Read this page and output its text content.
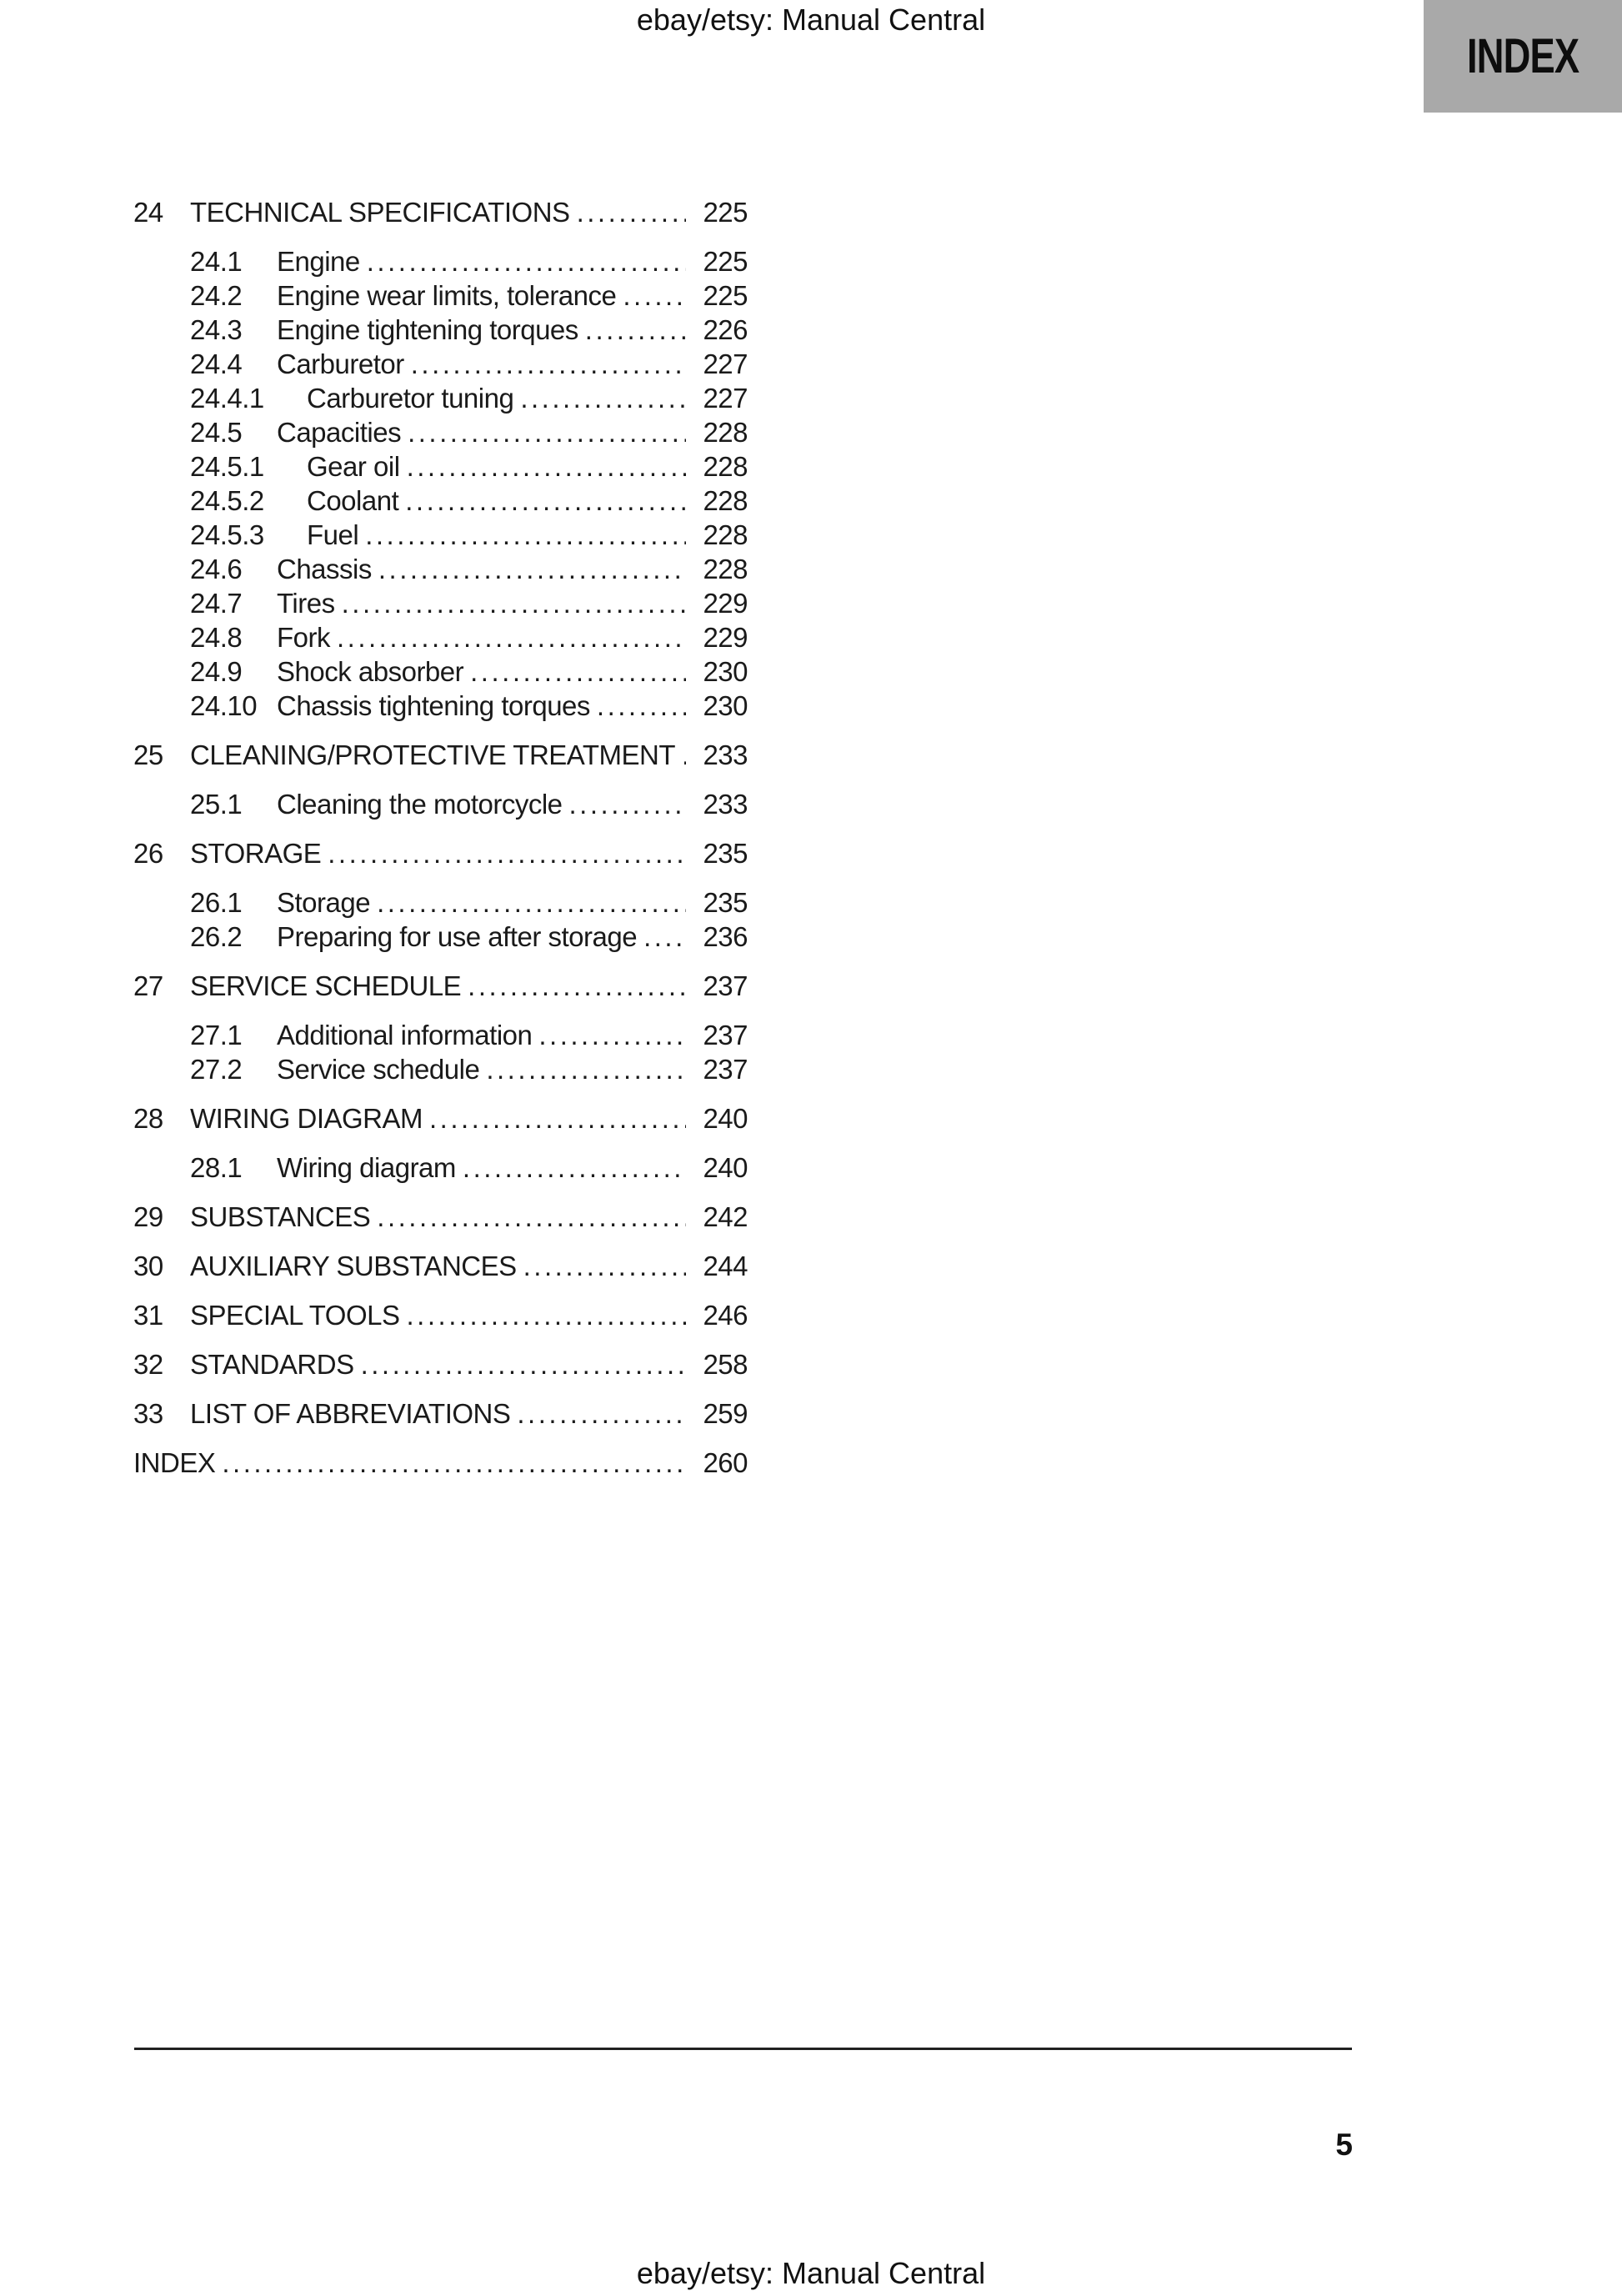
ebay/etsy: Manual Central
INDEX
24 TECHNICAL SPECIFICATIONS .....	225
24.1	Engine .....	225
24.2	Engine wear limits, tolerance .....	225
24.3	Engine tightening torques .....	226
24.4	Carburetor .....	227
24.4.1	Carburetor tuning .....	227
24.5	Capacities .....	228
24.5.1	Gear oil .....	228
24.5.2	Coolant .....	228
24.5.3	Fuel .....	228
24.6	Chassis .....	228
24.7	Tires .....	229
24.8	Fork .....	229
24.9	Shock absorber .....	230
24.10 Chassis tightening torques .....	230
25 CLEANING/PROTECTIVE TREATMENT .....	233
25.1	Cleaning the motorcycle .....	233
26 STORAGE .....	235
26.1	Storage .....	235
26.2	Preparing for use after storage .....	236
27 SERVICE SCHEDULE .....	237
27.1	Additional information .....	237
27.2	Service schedule .....	237
28 WIRING DIAGRAM .....	240
28.1	Wiring diagram .....	240
29 SUBSTANCES .....	242
30 AUXILIARY SUBSTANCES .....	244
31 SPECIAL TOOLS .....	246
32 STANDARDS .....	258
33 LIST OF ABBREVIATIONS .....	259
INDEX .....	260
5
ebay/etsy: Manual Central
